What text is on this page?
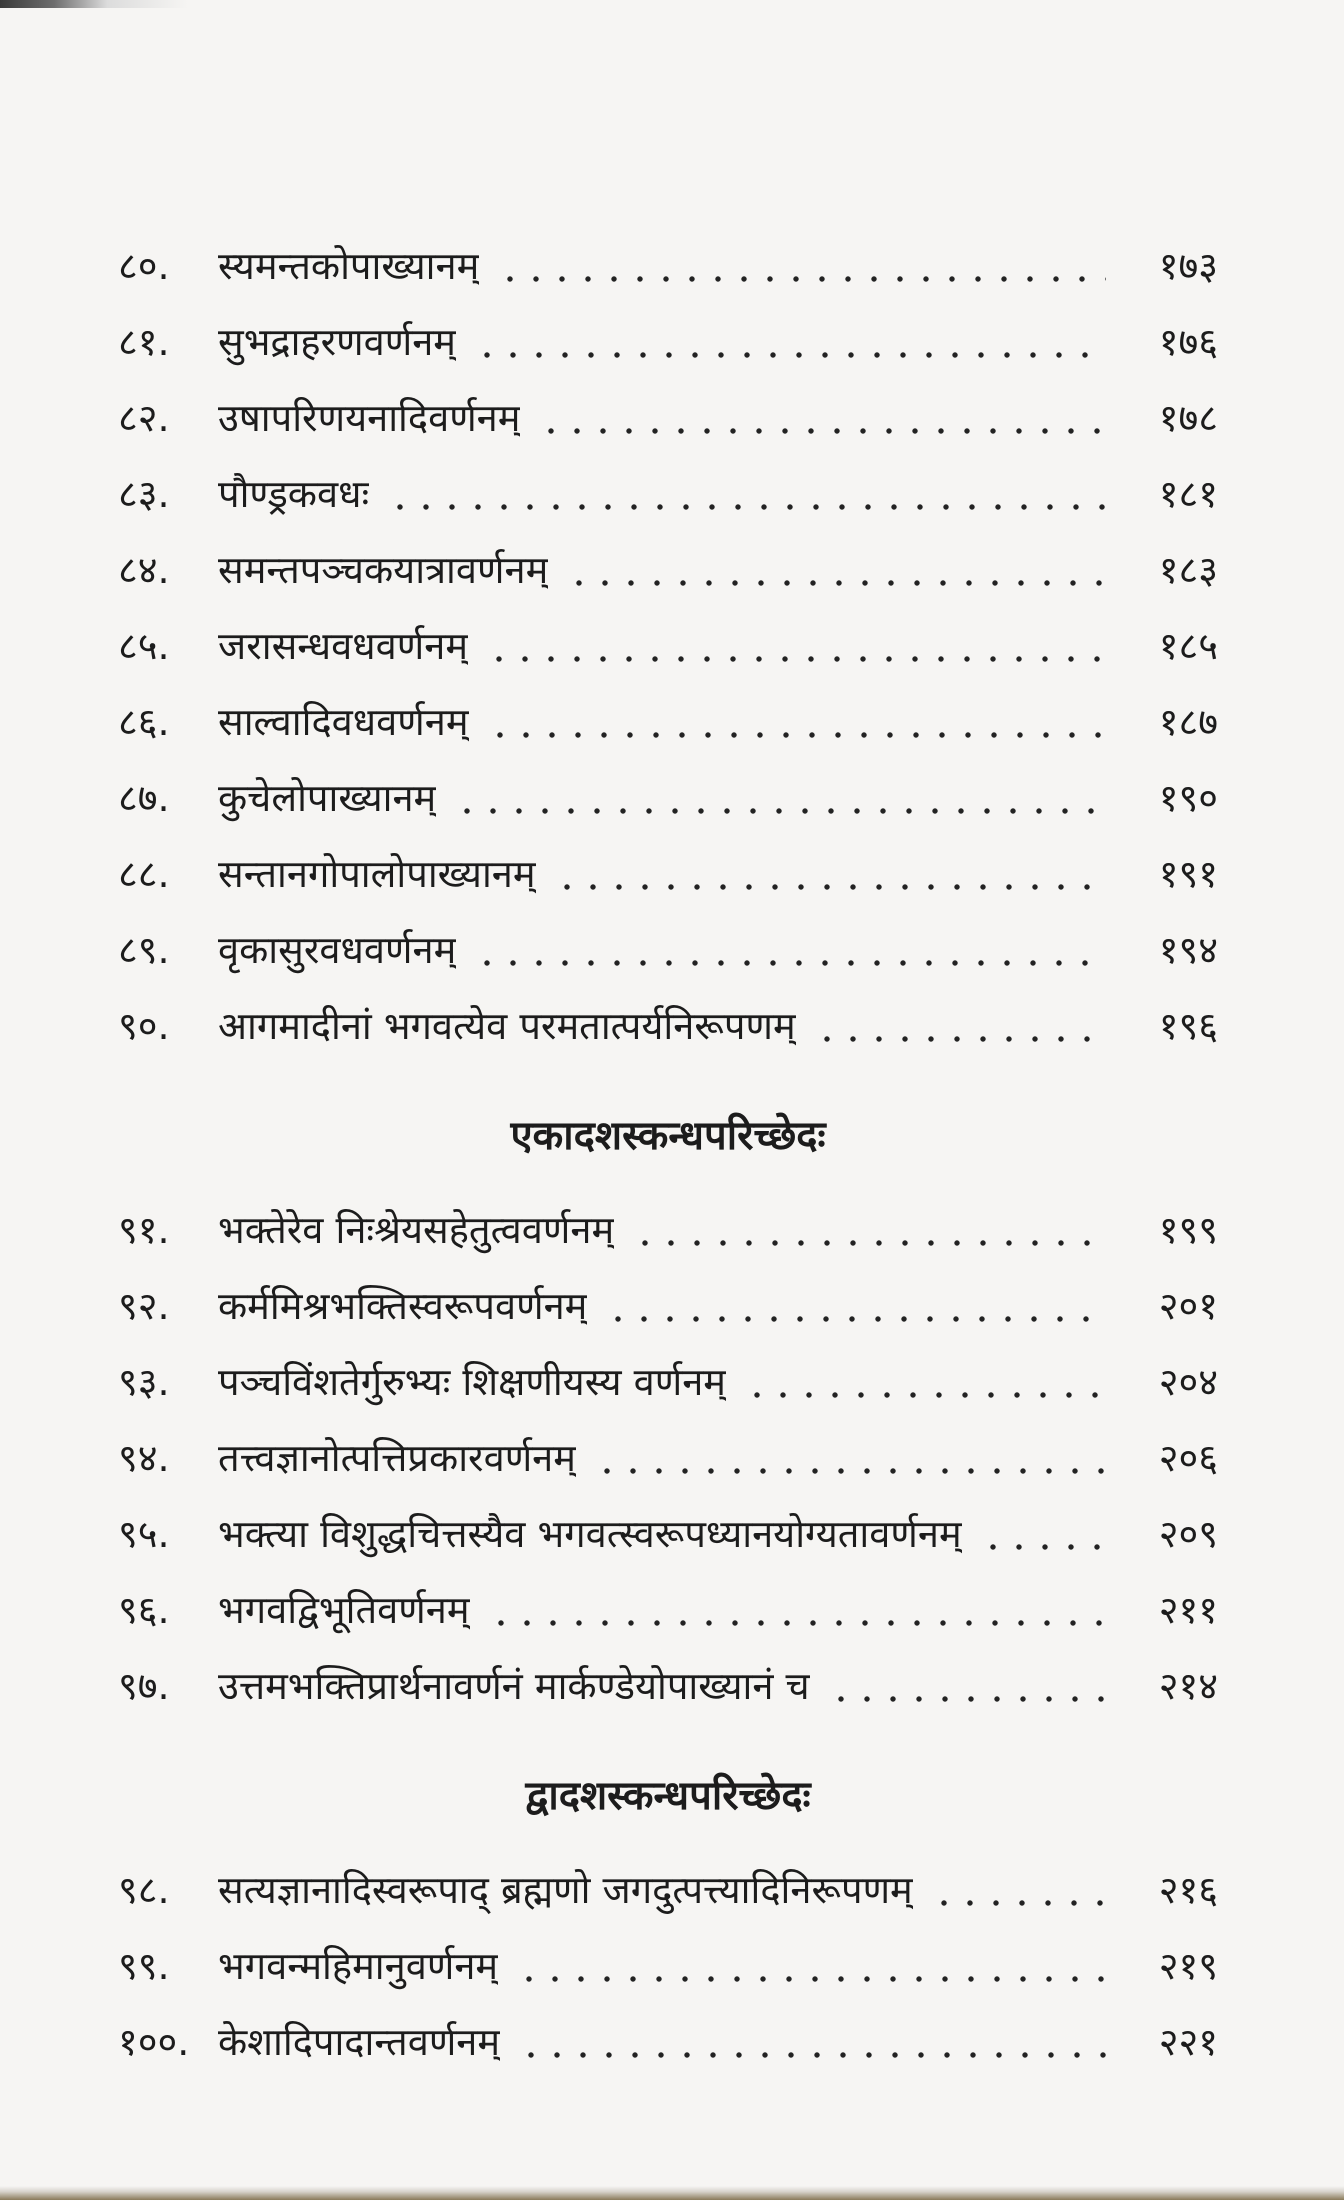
८०.	स्यमन्तकोपाख्यानम्	१७३
८१.	सुभद्राहरणवर्णनम्	१७६
८२.	उषापरिणयनादिवर्णनम्	१७८
८३.	पौण्ड्रकवधः	१८१
८४.	समन्तपञ्चकयात्रावर्णनम्	१८३
८५.	जरासन्धवधवर्णनम्	१८५
८६.	साल्वादिवधवर्णनम्	१८७
८७.	कुचेलोपाख्यानम्	१९०
८८.	सन्तानगोपालोपाख्यानम्	१९१
८९.	वृकासुरवधवर्णनम्	१९४
९०.	आगमादीनां भगवत्येव परमतात्पर्यनिरूपणम्	१९६
एकादशस्कन्धपरिच्छेदः
९१.	भक्तेरेव निःश्रेयसहेतुत्ववर्णनम्	१९९
९२.	कर्ममिश्रभक्तिस्वरूपवर्णनम्	२०१
९३.	पञ्चविंशतेर्गुरुभ्यः शिक्षणीयस्य वर्णनम्	२०४
९४.	तत्त्वज्ञानोत्पत्तिप्रकारवर्णनम्	२०६
९५.	भक्त्या विशुद्धचित्तस्यैव भगवत्स्वरूपध्यानयोग्यतावर्णनम्	२०९
९६.	भगवद्विभूतिवर्णनम्	२११
९७.	उत्तमभक्तिप्रार्थनावर्णनं मार्कण्डेयोपाख्यानं च	२१४
द्वादशस्कन्धपरिच्छेदः
९८.	सत्यज्ञानादिस्वरूपाद् ब्रह्मणो जगदुत्पत्त्यादिनिरूपणम्	२१६
९९.	भगवन्महिमानुवर्णनम्	२१९
१००. केशादिपादान्तवर्णनम्	२२१
